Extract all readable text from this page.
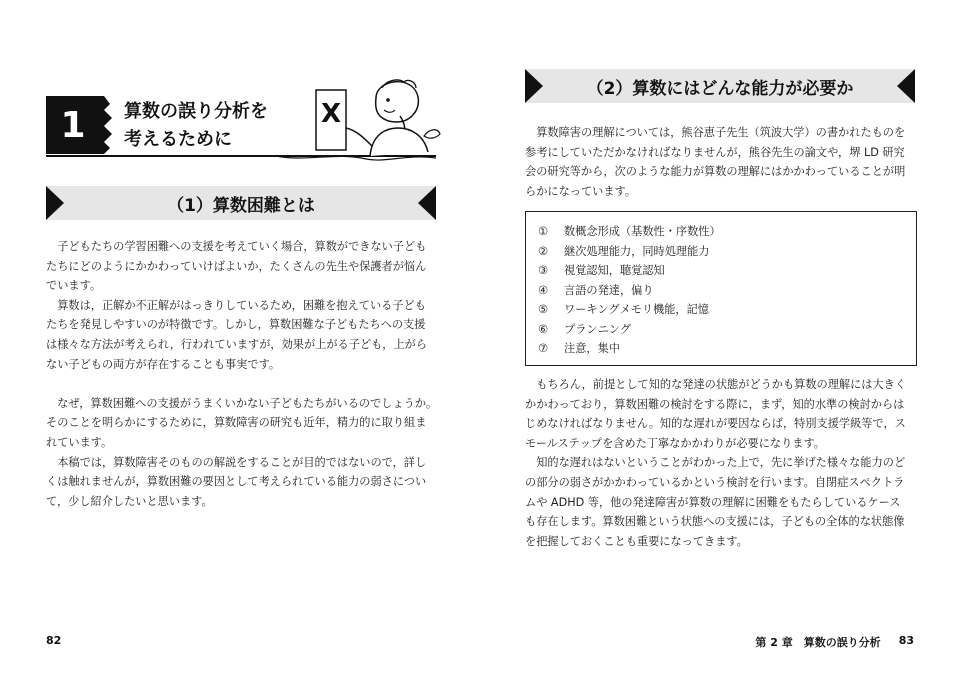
1 算数の誤り分析を
考えるために
X
（1）算数困難とは

　子どもたちの学習困難への支援を考えていく場合，算数ができない子ども

たちにどのようにかかわっていけばよいか，たくさんの先生や保護者が悩ん

でいます。

　算数は，正解か不正解がはっきりしているため，困難を抱えている子ども

たちを発見しやすいのが特徴です。しかし，算数困難な子どもたちへの支援

は様々な方法が考えられ，行われていますが，効果が上がる子ども，上がら

ない子どもの両方が存在することも事実です。

　なぜ，算数困難への支援がうまくいかない子どもたちがいるのでしょうか。

そのことを明らかにするために，算数障害の研究も近年，精力的に取り組ま

れています。

　本稿では，算数障害そのものの解説をすることが目的ではないので，詳し

くは触れませんが，算数困難の要因として考えられている能力の弱さについ

て，少し紹介したいと思います。

82
（2）算数にはどんな能力が必要か

　算数障害の理解については，熊谷恵子先生（筑波大学）の書かれたものを

参考にしていただかなければなりませんが，熊谷先生の論文や，堺 LD 研究

会の研究等から，次のような能力が算数の理解にはかかわっていることが明

らかになっています。

①	数概念形成（基数性・序数性）
②	継次処理能力，同時処理能力
③	視覚認知，聴覚認知
④	言語の発達，偏り
⑤	ワーキングメモリ機能，記憶
⑥	プランニング
⑦	注意，集中

　もちろん，前提として知的な発達の状態がどうかも算数の理解には大きく

かかわっており，算数困難の検討をする際に，まず，知的水準の検討からは

じめなければなりません。知的な遅れが要因ならば，特別支援学級等で，ス

モールステップを含めた丁寧なかかわりが必要になります。

　知的な遅れはないということがわかった上で，先に挙げた様々な能力のど

の部分の弱さがかかわっているかという検討を行います。自閉症スペクトラ

ムや ADHD 等，他の発達障害が算数の理解に困難をもたらしているケース

も存在します。算数困難という状態への支援には，子どもの全体的な状態像

を把握しておくことも重要になってきます。

第 2 章　算数の誤り分析 83
